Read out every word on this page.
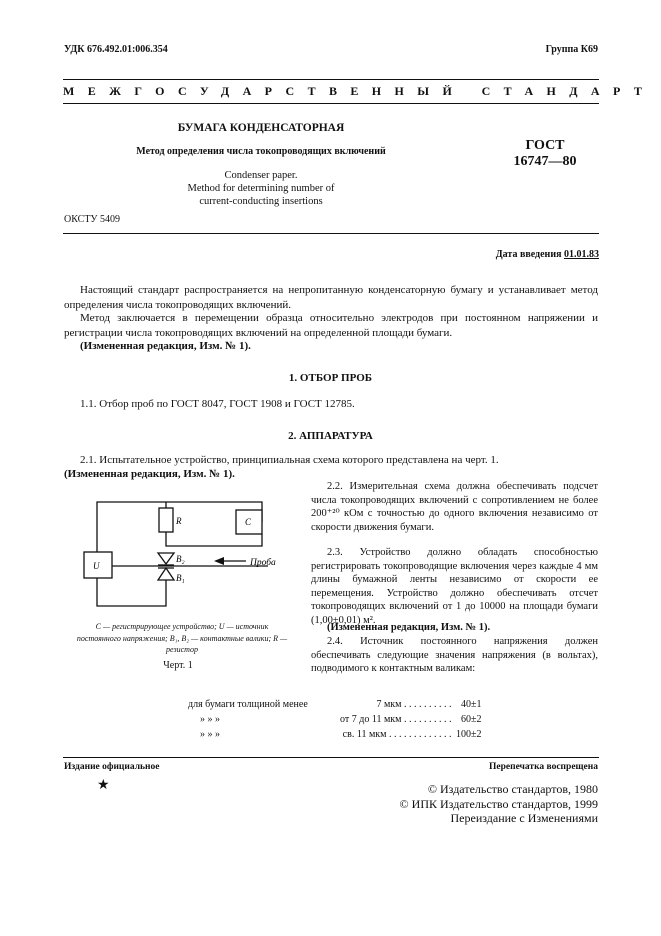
УДК 676.492.01:006.354	Группа К69
МЕЖГОСУДАРСТВЕННЫЙ СТАНДАРТ
БУМАГА КОНДЕНСАТОРНАЯ
Метод определения числа токопроводящих включений
Condenser paper.
Method for determining number of
current-conducting insertions
ГОСТ
16747—80
ОКСТУ 5409
Дата введения 01.01.83
Настоящий стандарт распространяется на непропитанную конденсаторную бумагу и устанавливает метод определения числа токопроводящих включений.
Метод заключается в перемещении образца относительно электродов при постоянном напряжении и регистрации числа токопроводящих включений на определенной площади бумаги.
(Измененная редакция, Изм. № 1).
1. ОТБОР ПРОБ
1.1. Отбор проб по ГОСТ 8047, ГОСТ 1908 и ГОСТ 12785.
2. АППАРАТУРА
2.1. Испытательное устройство, принципиальная схема которого представлена на черт. 1.
(Измененная редакция, Изм. № 1).
2.2. Измерительная схема должна обеспечивать подсчет числа токопроводящих включений с сопротивлением не более 200⁺²⁰ кОм с точностью до одного включения независимо от скорости движения бумаги.
2.3. Устройство должно обладать способностью регистрировать токопроводящие включения через каждые 4 мм длины бумажной ленты независимо от скорости ее перемещения. Устройство должно обеспечивать отсчет токопроводящих включений от 1 до 10000 на площади бумаги (1,00±0,01) м².
(Измененная редакция, Изм. № 1).
2.4. Источник постоянного напряжения должен обеспечивать следующие значения напряжения (в вольтах), подводимого к контактным валикам:
R	C
U
B₂
B₁
Проба
C — регистрирующее устройство; U — источник постоянного напряжения; B₁, B₂ — контактные валики; R — резистор
Черт. 1
для бумаги толщиной менее	7 мкм . . . . . . . . . .	40±1
» » »	от 7 до 11 мкм . . . . . . . . . .	60±2
» » »	св. 11 мкм . . . . . . . . . . . . .	100±2
Издание официальное	Перепечатка воспрещена
★	© Издательство стандартов, 1980
© ИПК Издательство стандартов, 1999
Переиздание с Изменениями
